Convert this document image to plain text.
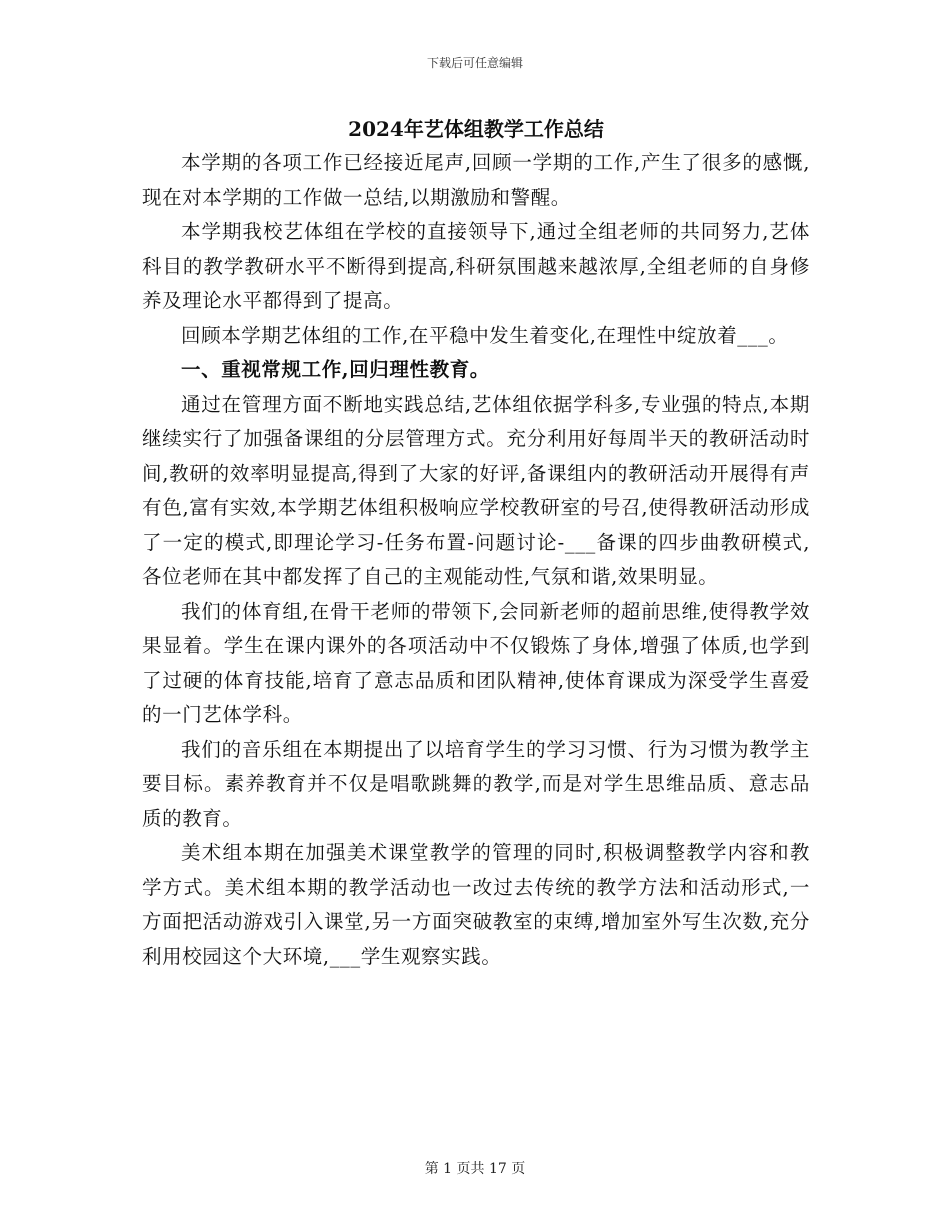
下载后可任意编辑
2024年艺体组教学工作总结

本学期的各项工作已经接近尾声,回顾一学期的工作,产生了很多的感慨,现在对本学期的工作做一总结,以期激励和警醒。

本学期我校艺体组在学校的直接领导下,通过全组老师的共同努力,艺体科目的教学教研水平不断得到提高,科研氛围越来越浓厚,全组老师的自身修养及理论水平都得到了提高。

回顾本学期艺体组的工作,在平稳中发生着变化,在理性中绽放着___。

一、重视常规工作,回归理性教育。

通过在管理方面不断地实践总结,艺体组依据学科多,专业强的特点,本期继续实行了加强备课组的分层管理方式。充分利用好每周半天的教研活动时间,教研的效率明显提高,得到了大家的好评,备课组内的教研活动开展得有声有色,富有实效,本学期艺体组积极响应学校教研室的号召,使得教研活动形成了一定的模式,即理论学习-任务布置-问题讨论-___备课的四步曲教研模式,各位老师在其中都发挥了自己的主观能动性,气氛和谐,效果明显。

我们的体育组,在骨干老师的带领下,会同新老师的超前思维,使得教学效果显着。学生在课内课外的各项活动中不仅锻炼了身体,增强了体质,也学到了过硬的体育技能,培育了意志品质和团队精神,使体育课成为深受学生喜爱的一门艺体学科。

我们的音乐组在本期提出了以培育学生的学习习惯、行为习惯为教学主要目标。素养教育并不仅是唱歌跳舞的教学,而是对学生思维品质、意志品质的教育。

美术组本期在加强美术课堂教学的管理的同时,积极调整教学内容和教学方式。美术组本期的教学活动也一改过去传统的教学方法和活动形式,一方面把活动游戏引入课堂,另一方面突破教室的束缚,增加室外写生次数,充分利用校园这个大环境,___学生观察实践。

第 1 页共 17 页
